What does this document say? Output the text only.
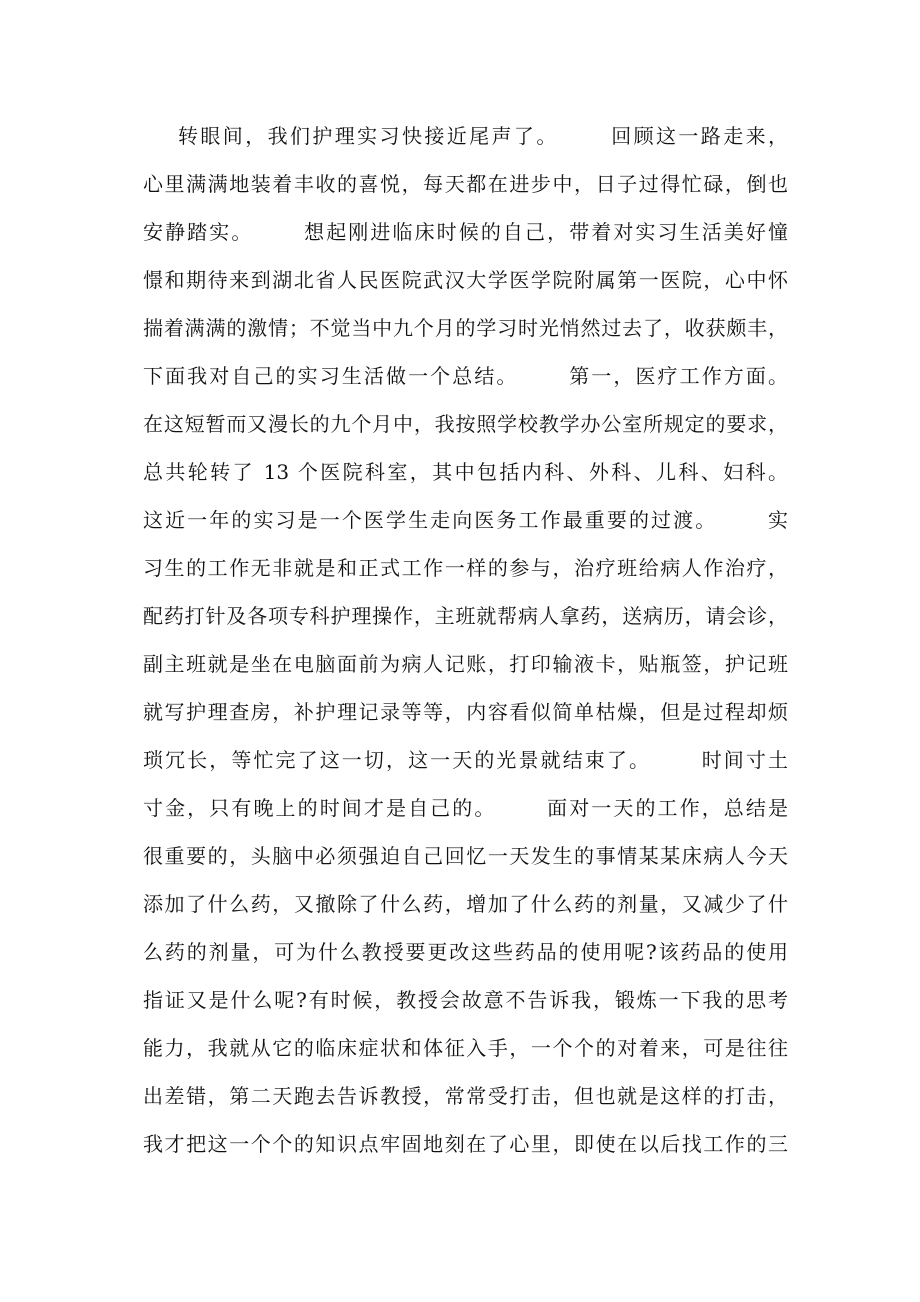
转眼间，我们护理实习快接近尾声了。      回顾这一路走来，
心里满满地装着丰收的喜悦，每天都在进步中，日子过得忙碌，倒也
安静踏实。      想起刚进临床时候的自己，带着对实习生活美好憧
憬和期待来到湖北省人民医院武汉大学医学院附属第一医院，心中怀
揣着满满的激情；不觉当中九个月的学习时光悄然过去了，收获颇丰，
下面我对自己的实习生活做一个总结。      第一，医疗工作方面。
在这短暂而又漫长的九个月中，我按照学校教学办公室所规定的要求，
总共轮转了 13 个医院科室，其中包括内科、外科、儿科、妇科。
这近一年的实习是一个医学生走向医务工作最重要的过渡。      实
习生的工作无非就是和正式工作一样的参与，治疗班给病人作治疗，
配药打针及各项专科护理操作，主班就帮病人拿药，送病历，请会诊，
副主班就是坐在电脑面前为病人记账，打印输液卡，贴瓶签，护记班
就写护理查房，补护理记录等等，内容看似简单枯燥，但是过程却烦
琐冗长，等忙完了这一切，这一天的光景就结束了。      时间寸土
寸金，只有晚上的时间才是自己的。      面对一天的工作，总结是
很重要的，头脑中必须强迫自己回忆一天发生的事情某某床病人今天
添加了什么药，又撤除了什么药，增加了什么药的剂量，又减少了什
么药的剂量，可为什么教授要更改这些药品的使用呢?该药品的使用
指证又是什么呢?有时候，教授会故意不告诉我，锻炼一下我的思考
能力，我就从它的临床症状和体征入手，一个个的对着来，可是往往
出差错，第二天跑去告诉教授，常常受打击，但也就是这样的打击，
我才把这一个个的知识点牢固地刻在了心里，即使在以后找工作的三
